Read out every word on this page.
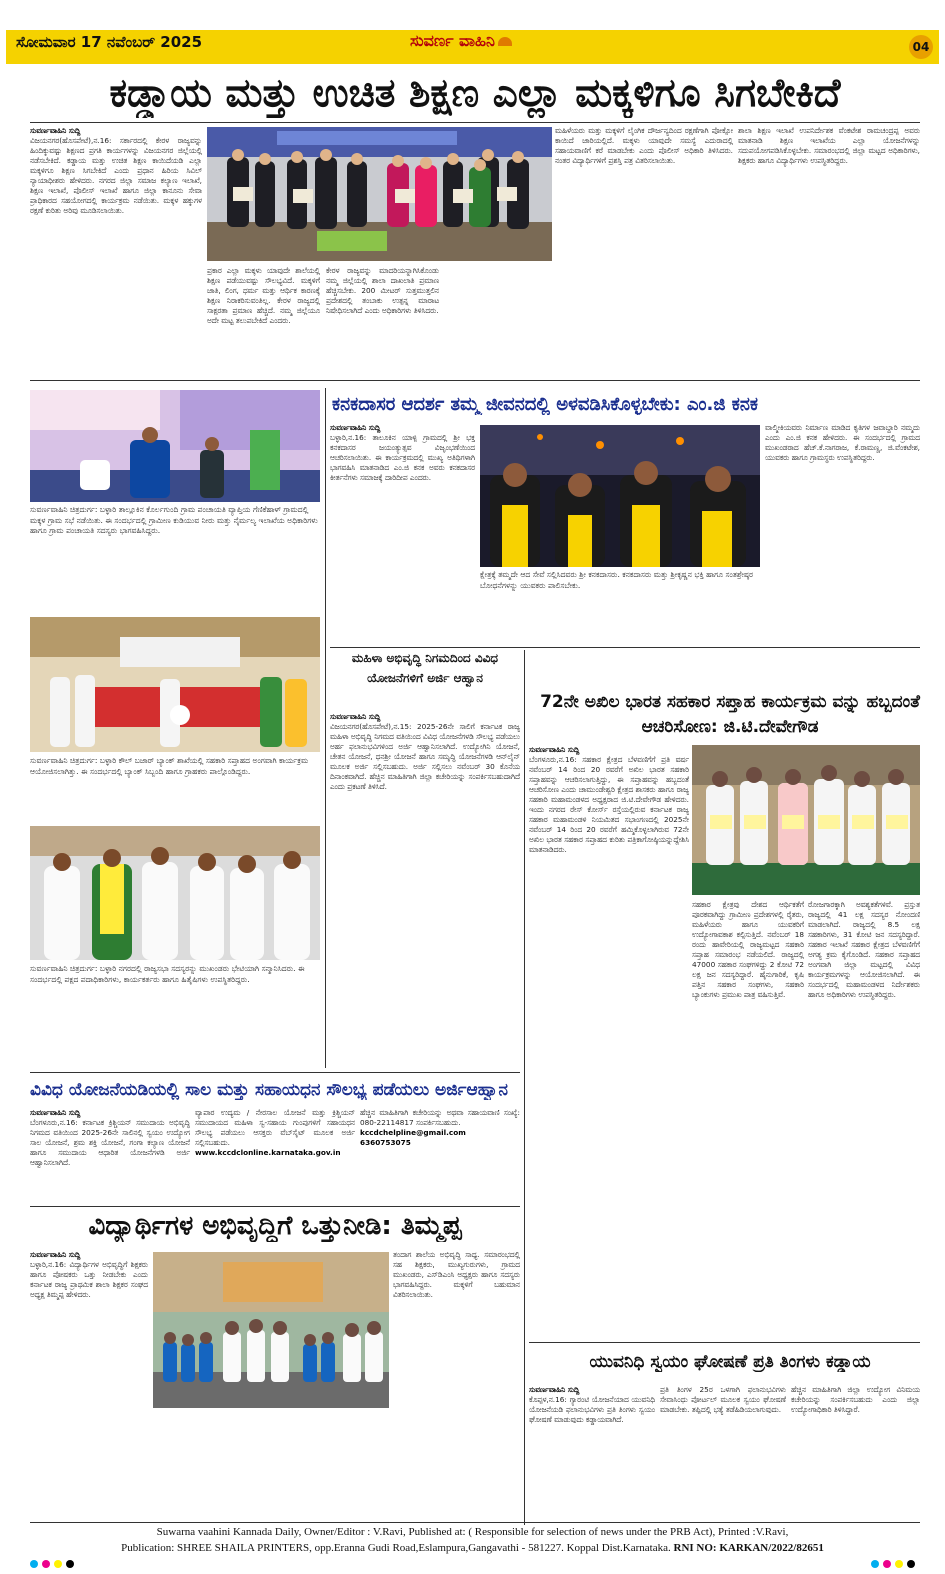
ಸೋಮವಾರ 17 ನವೆಂಬರ್ 2025	ಸುವರ್ಣ ವಾಹಿನಿ	04
ಕಡ್ಡಾಯ ಮತ್ತು ಉಚಿತ ಶಿಕ್ಷಣ ಎಲ್ಲಾ ಮಕ್ಕಳಿಗೂ ಸಿಗಬೇಕಿದೆ
ಸುವರ್ಣವಾಹಿನಿ ಸುದ್ದಿ
ವಿಜಯನಗರ(ಹೊಸಪೇಟೆ),ನ.16: ಸರ್ಕಾರದಲ್ಲಿ ಕೇರಳ ರಾಜ್ಯವನ್ನು ಹಿಂದಿಕ್ಕುವಷ್ಟು ಶಿಕ್ಷಣದ ಪ್ರಗತಿ ಕಾರ್ಯಗಳನ್ನು ವಿಜಯನಗರ ಜಿಲ್ಲೆಯಲ್ಲಿ ನಡೆಸಬೇಕಿದೆ. ಕಡ್ಡಾಯ ಮತ್ತು ಉಚಿತ ಶಿಕ್ಷಣ ಕಾಯಿದೆಯಡಿ ಎಲ್ಲಾ ಮಕ್ಕಳಿಗೂ ಶಿಕ್ಷಣ ಸಿಗಬೇಕಿದೆ ಎಂದು ಪ್ರಧಾನ ಹಿರಿಯ ಸಿವಿಲ್ ನ್ಯಾಯಾಧೀಶರು ಹೇಳಿದರು. ನಗರದ ಜಿಲ್ಲಾ ಸಮಾಜ ಕಲ್ಯಾಣ ಇಲಾಖೆ, ಶಿಕ್ಷಣ ಇಲಾಖೆ, ಪೊಲೀಸ್ ಇಲಾಖೆ ಹಾಗೂ ಜಿಲ್ಲಾ ಕಾನೂನು ಸೇವಾ ಪ್ರಾಧಿಕಾರದ ಸಹಯೋಗದಲ್ಲಿ ಕಾರ್ಯಕ್ರಮ ನಡೆಯಿತು. ಮಕ್ಕಳ ಹಕ್ಕುಗಳ ರಕ್ಷಣೆ ಕುರಿತು ಅರಿವು ಮೂಡಿಸಲಾಯಿತು.
ಪ್ರಕಾರ ಎಲ್ಲಾ ಮಕ್ಕಳು ಯಾವುದೇ ಶಾಲೆಯಲ್ಲಿ ಶಿಕ್ಷಣ ಪಡೆಯುವಷ್ಟು ಸೌಲಭ್ಯವಿದೆ. ಮಕ್ಕಳಿಗೆ ಜಾತಿ, ಲಿಂಗ, ಧರ್ಮ ಮತ್ತು ಆರ್ಥಿಕ ಕಾರಣಕ್ಕೆ ಶಿಕ್ಷಣ ನಿರಾಕರಿಸುವಂತಿಲ್ಲ. ಕೇರಳ ರಾಜ್ಯದಲ್ಲಿ ಸಾಕ್ಷರತಾ ಪ್ರಮಾಣ ಹೆಚ್ಚಿದೆ. ನಮ್ಮ ಜಿಲ್ಲೆಯೂ ಅದೇ ಮಟ್ಟ ತಲುಪಬೇಕಿದೆ ಎಂದರು.
ಕೇರಳ ರಾಜ್ಯವನ್ನು ಮಾದರಿಯನ್ನಾಗಿಸಿಕೊಂಡು ನಮ್ಮ ಜಿಲ್ಲೆಯಲ್ಲಿ ಶಾಲಾ ದಾಖಲಾತಿ ಪ್ರಮಾಣ ಹೆಚ್ಚಿಸಬೇಕು. 200 ಮೀಟರ್ ಸುತ್ತಮುತ್ತಲಿನ ಪ್ರದೇಶದಲ್ಲಿ ತಂಬಾಕು ಉತ್ಪನ್ನ ಮಾರಾಟ ನಿಷೇಧಿಸಲಾಗಿದೆ ಎಂದು ಅಧಿಕಾರಿಗಳು ತಿಳಿಸಿದರು.
ಮಹಿಳೆಯರು ಮತ್ತು ಮಕ್ಕಳಿಗೆ ಲೈಂಗಿಕ ದೌರ್ಜನ್ಯದಿಂದ ರಕ್ಷಣೆಗಾಗಿ ಪೋಕ್ಸೋ ಕಾಯಿದೆ ಜಾರಿಯಲ್ಲಿದೆ. ಮಕ್ಕಳು ಯಾವುದೇ ಸಮಸ್ಯೆ ಎದುರಾದಲ್ಲಿ ಸಹಾಯವಾಣಿಗೆ ಕರೆ ಮಾಡಬೇಕು ಎಂದು ಪೊಲೀಸ್ ಅಧಿಕಾರಿ ತಿಳಿಸಿದರು. ನಂತರ ವಿದ್ಯಾರ್ಥಿಗಳಿಗೆ ಪ್ರಶಸ್ತಿ ಪತ್ರ ವಿತರಿಸಲಾಯಿತು.
ಶಾಲಾ ಶಿಕ್ಷಣ ಇಲಾಖೆ ಉಪನಿರ್ದೇಶಕ ವೆಂಕಟೇಶ ರಾಮಚಂದ್ರಪ್ಪ ಅವರು ಮಾತನಾಡಿ ಶಿಕ್ಷಣ ಇಲಾಖೆಯ ಎಲ್ಲಾ ಯೋಜನೆಗಳನ್ನು ಸದುಪಯೋಗಪಡಿಸಿಕೊಳ್ಳಬೇಕು. ಸಮಾರಂಭದಲ್ಲಿ ಜಿಲ್ಲಾ ಮಟ್ಟದ ಅಧಿಕಾರಿಗಳು, ಶಿಕ್ಷಕರು ಹಾಗೂ ವಿದ್ಯಾರ್ಥಿಗಳು ಉಪಸ್ಥಿತರಿದ್ದರು.
ಸುವರ್ಣವಾಹಿನಿ ಚಿತ್ರದುರ್ಗ: ಬಳ್ಳಾರಿ ತಾಲ್ಲೂಕಿನ ಕೊರ್ಲಗುಂದಿ ಗ್ರಾಮ ಪಂಚಾಯತಿ ವ್ಯಾಪ್ತಿಯ ಗೆಣಿಕೆಹಾಳ್ ಗ್ರಾಮದಲ್ಲಿ ಮಕ್ಕಳ ಗ್ರಾಮ ಸಭೆ ನಡೆಯಿತು. ಈ ಸಂದರ್ಭದಲ್ಲಿ ಗ್ರಾಮೀಣ ಕುಡಿಯುವ ನೀರು ಮತ್ತು ನೈರ್ಮಲ್ಯ ಇಲಾಖೆಯ ಅಧಿಕಾರಿಗಳು ಹಾಗೂ ಗ್ರಾಮ ಪಂಚಾಯತಿ ಸದಸ್ಯರು ಭಾಗವಹಿಸಿದ್ದರು.
ಸುವರ್ಣವಾಹಿನಿ ಚಿತ್ರದುರ್ಗ: ಬಳ್ಳಾರಿ ಕೌಲ್ ಬಜಾರ್ ಬ್ಯಾಂಕ್ ಶಾಖೆಯಲ್ಲಿ ಸಹಕಾರಿ ಸಪ್ತಾಹದ ಅಂಗವಾಗಿ ಕಾರ್ಯಕ್ರಮ ಆಯೋಜಿಸಲಾಗಿತ್ತು. ಈ ಸಂದರ್ಭದಲ್ಲಿ ಬ್ಯಾಂಕ್ ಸಿಬ್ಬಂದಿ ಹಾಗೂ ಗ್ರಾಹಕರು ಪಾಲ್ಗೊಂಡಿದ್ದರು.
ಸುವರ್ಣವಾಹಿನಿ ಚಿತ್ರದುರ್ಗ: ಬಳ್ಳಾರಿ ನಗರದಲ್ಲಿ ರಾಜ್ಯಸಭಾ ಸದಸ್ಯರನ್ನು ಮುಖಂಡರು ಭೇಟಿಯಾಗಿ ಸನ್ಮಾನಿಸಿದರು. ಈ ಸಂದರ್ಭದಲ್ಲಿ ಪಕ್ಷದ ಪದಾಧಿಕಾರಿಗಳು, ಕಾರ್ಯಕರ್ತರು ಹಾಗೂ ಹಿತೈಷಿಗಳು ಉಪಸ್ಥಿತರಿದ್ದರು.
ಕನಕದಾಸರ ಆದರ್ಶ ತಮ್ಮ ಜೀವನದಲ್ಲಿ ಅಳವಡಿಸಿಕೊಳ್ಳಬೇಕು: ಎಂ.ಜಿ ಕನಕ
ಸುವರ್ಣವಾಹಿನಿ ಸುದ್ದಿ
ಬಳ್ಳಾರಿ,ನ.16: ತಾಲೂಕಿನ ಯಾಳ್ಪಿ ಗ್ರಾಮದಲ್ಲಿ ಶ್ರೀ ಭಕ್ತ ಕನಕದಾಸರ ಜಯಂತ್ಯುತ್ಸವ ವಿಜೃಂಭಣೆಯಿಂದ ಆಚರಿಸಲಾಯಿತು. ಈ ಕಾರ್ಯಕ್ರಮದಲ್ಲಿ ಮುಖ್ಯ ಅತಿಥಿಗಳಾಗಿ ಭಾಗವಹಿಸಿ ಮಾತನಾಡಿದ ಎಂ.ಜಿ ಕನಕ ಅವರು ಕನಕದಾಸರ ಕೀರ್ತನೆಗಳು ಸಮಾಜಕ್ಕೆ ದಾರಿದೀಪ ಎಂದರು.
ಕ್ಷೇತ್ರಕ್ಕೆ ತಮ್ಮದೇ ಆದ ಸೇವೆ ಸಲ್ಲಿಸಿದವರು ಶ್ರೀ ಕನಕದಾಸರು. ಕನಕದಾಸರು ಮತ್ತು ಶ್ರೀಕೃಷ್ಣನ ಭಕ್ತಿ ಹಾಗೂ ಸಂತಶ್ರೇಷ್ಠರ ಬೋಧನೆಗಳನ್ನು ಯುವಕರು ಪಾಲಿಸಬೇಕು.
ವಾಲ್ಮೀಕಿಯವರು ನಿರ್ಮಾಣ ಮಾಡಿದ ಕೃತಿಗಳ ಜವಾಬ್ದಾರಿ ನಮ್ಮದು ಎಂದು ಎಂ.ಜಿ ಕನಕ ಹೇಳಿದರು. ಈ ಸಂದರ್ಭದಲ್ಲಿ ಗ್ರಾಮದ ಮುಖಂಡರಾದ ಹೆಚ್.ಕೆ.ನಾಗರಾಜ, ಕೆ.ರಾಮಣ್ಣ, ಜಿ.ವೆಂಕಟೇಶ, ಯುವಕರು ಹಾಗೂ ಗ್ರಾಮಸ್ಥರು ಉಪಸ್ಥಿತರಿದ್ದರು.
ಮಹಿಳಾ ಅಭಿವೃದ್ಧಿ ನಿಗಮದಿಂದ ವಿವಿಧ ಯೋಜನೆಗಳಿಗೆ ಅರ್ಜಿ ಆಹ್ವಾನ
ಸುವರ್ಣವಾಹಿನಿ ಸುದ್ದಿ
ವಿಜಯನಗರ(ಹೊಸಪೇಟೆ),ನ.15: 2025-26ನೇ ಸಾಲಿಗೆ ಕರ್ನಾಟಕ ರಾಜ್ಯ ಮಹಿಳಾ ಅಭಿವೃದ್ಧಿ ನಿಗಮದ ವತಿಯಿಂದ ವಿವಿಧ ಯೋಜನೆಗಳಡಿ ಸೌಲಭ್ಯ ಪಡೆಯಲು ಅರ್ಹ ಫಲಾನುಭವಿಗಳಿಂದ ಅರ್ಜಿ ಆಹ್ವಾನಿಸಲಾಗಿದೆ. ಉದ್ಯೋಗಿನಿ ಯೋಜನೆ, ಚೇತನ ಯೋಜನೆ, ಧನಶ್ರೀ ಯೋಜನೆ ಹಾಗೂ ಸಮೃದ್ಧಿ ಯೋಜನೆಗಳಡಿ ಆನ್‌ಲೈನ್ ಮೂಲಕ ಅರ್ಜಿ ಸಲ್ಲಿಸಬಹುದು. ಅರ್ಜಿ ಸಲ್ಲಿಸಲು ನವೆಂಬರ್ 30 ಕೊನೆಯ ದಿನಾಂಕವಾಗಿದೆ. ಹೆಚ್ಚಿನ ಮಾಹಿತಿಗಾಗಿ ಜಿಲ್ಲಾ ಕಚೇರಿಯನ್ನು ಸಂಪರ್ಕಿಸಬಹುದಾಗಿದೆ ಎಂದು ಪ್ರಕಟಣೆ ತಿಳಿಸಿದೆ.
72ನೇ ಅಖಿಲ ಭಾರತ ಸಹಕಾರ ಸಪ್ತಾಹ ಕಾರ್ಯಕ್ರಮ ವನ್ನು ಹಬ್ಬದಂತೆ ಆಚರಿಸೋಣ: ಜಿ.ಟಿ.ದೇವೇಗೌಡ
ಸುವರ್ಣವಾಹಿನಿ ಸುದ್ದಿ
ಬೆಂಗಳೂರು,ನ.16: ಸಹಕಾರ ಕ್ಷೇತ್ರದ ಬೆಳವಣಿಗೆಗೆ ಪ್ರತಿ ವರ್ಷ ನವೆಂಬರ್ 14 ರಿಂದ 20 ರವರೆಗೆ ಅಖಿಲ ಭಾರತ ಸಹಕಾರಿ ಸಪ್ತಾಹವನ್ನು ಆಚರಿಸಲಾಗುತ್ತಿದ್ದು, ಈ ಸಪ್ತಾಹವನ್ನು ಹಬ್ಬದಂತೆ ಆಚರಿಸೋಣ ಎಂದು ಚಾಮುಂಡೇಶ್ವರಿ ಕ್ಷೇತ್ರದ ಶಾಸಕರು ಹಾಗೂ ರಾಜ್ಯ ಸಹಕಾರಿ ಮಹಾಮಂಡಳದ ಅಧ್ಯಕ್ಷರಾದ ಜಿ.ಟಿ.ದೇವೇಗೌಡ ಹೇಳಿದರು. ಇಂದು ನಗರದ ರೇಸ್ ಕೋರ್ಸ್ ರಸ್ತೆಯಲ್ಲಿರುವ ಕರ್ನಾಟಕ ರಾಜ್ಯ ಸಹಕಾರ ಮಹಾಮಂಡಳಿ ನಿಯಮಿತದ ಸಭಾಂಗಣದಲ್ಲಿ 2025ನೇ ನವೆಂಬರ್ 14 ರಿಂದ 20 ರವರೆಗೆ ಹಮ್ಮಿಕೊಳ್ಳಲಾಗಿರುವ 72ನೇ ಅಖಿಲ ಭಾರತ ಸಹಕಾರ ಸಪ್ತಾಹದ ಕುರಿತು ಪತ್ರಿಕಾಗೋಷ್ಠಿಯನ್ನುದ್ದೇಶಿಸಿ ಮಾತನಾಡಿದರು.
ಸಹಕಾರ ಕ್ಷೇತ್ರವು ದೇಶದ ಆರ್ಥಿಕತೆಗೆ ಪೂರಕವಾಗಿದ್ದು ಗ್ರಾಮೀಣ ಪ್ರದೇಶಗಳಲ್ಲಿ ರೈತರು, ಮಹಿಳೆಯರು ಹಾಗೂ ಯುವಕರಿಗೆ ಉದ್ಯೋಗಾವಕಾಶ ಕಲ್ಪಿಸುತ್ತಿದೆ. ನವೆಂಬರ್ 18 ರಂದು ಹಾವೇರಿಯಲ್ಲಿ ರಾಜ್ಯಮಟ್ಟದ ಸಹಕಾರಿ ಸಪ್ತಾಹ ಸಮಾರಂಭ ನಡೆಯಲಿದೆ. ರಾಜ್ಯದಲ್ಲಿ 47000 ಸಹಕಾರ ಸಂಘಗಳಿದ್ದು 2 ಕೋಟಿ 72 ಲಕ್ಷ ಜನ ಸದಸ್ಯರಿದ್ದಾರೆ. ಹೈನುಗಾರಿಕೆ, ಕೃಷಿ ಪತ್ತಿನ ಸಹಕಾರ ಸಂಘಗಳು, ಸಹಕಾರಿ ಬ್ಯಾಂಕುಗಳು ಪ್ರಮುಖ ಪಾತ್ರ ವಹಿಸುತ್ತಿವೆ.
ರೋಜಗಾರಕ್ಕಾಗಿ ಅವಶ್ಯಕತೆಗಳಿವೆ. ಪ್ರಸ್ತುತ ರಾಜ್ಯದಲ್ಲಿ 41 ಲಕ್ಷ ಸದಸ್ಯರ ನೋಂದಣಿ ಮಾಡಲಾಗಿದೆ. ರಾಜ್ಯದಲ್ಲಿ 8.5 ಲಕ್ಷ ಸಹಕಾರಿಗಳು, 31 ಕೋಟಿ ಜನ ಸದಸ್ಯರಿದ್ದಾರೆ. ಸಹಕಾರ ಇಲಾಖೆ ಸಹಕಾರ ಕ್ಷೇತ್ರದ ಬೆಳವಣಿಗೆಗೆ ಅಗತ್ಯ ಕ್ರಮ ಕೈಗೊಂಡಿದೆ. ಸಹಕಾರ ಸಪ್ತಾಹದ ಅಂಗವಾಗಿ ಜಿಲ್ಲಾ ಮಟ್ಟದಲ್ಲಿ ವಿವಿಧ ಕಾರ್ಯಕ್ರಮಗಳನ್ನು ಆಯೋಜಿಸಲಾಗಿದೆ. ಈ ಸಂದರ್ಭದಲ್ಲಿ ಮಹಾಮಂಡಳದ ನಿರ್ದೇಶಕರು ಹಾಗೂ ಅಧಿಕಾರಿಗಳು ಉಪಸ್ಥಿತರಿದ್ದರು.
ವಿವಿಧ ಯೋಜನೆಯಡಿಯಲ್ಲಿ ಸಾಲ ಮತ್ತು ಸಹಾಯಧನ ಸೌಲಭ್ಯ ಪಡೆಯಲು ಅರ್ಜಿಆಹ್ವಾನ
ಸುವರ್ಣವಾಹಿನಿ ಸುದ್ದಿ
ಬೆಂಗಳೂರು,ನ.16: ಕರ್ನಾಟಕ ಕ್ರಿಶ್ಚಿಯನ್ ಸಮುದಾಯ ಅಭಿವೃದ್ಧಿ ನಿಗಮದ ವತಿಯಿಂದ 2025-26ನೇ ಸಾಲಿನಲ್ಲಿ ಸ್ವಯಂ ಉದ್ಯೋಗ ಸಾಲ ಯೋಜನೆ, ಶ್ರಮ ಶಕ್ತಿ ಯೋಜನೆ, ಗಂಗಾ ಕಲ್ಯಾಣ ಯೋಜನೆ ಹಾಗೂ ಸಮುದಾಯ ಆಧಾರಿತ ಯೋಜನೆಗಳಡಿ ಅರ್ಜಿ ಆಹ್ವಾನಿಸಲಾಗಿದೆ.
ವ್ಯಾಪಾರ ಉದ್ಯಮ / ನೇರಸಾಲ ಯೋಜನೆ ಮತ್ತು ಕ್ರಿಶ್ಚಿಯನ್ ಸಮುದಾಯದ ಮಹಿಳಾ ಸ್ವ-ಸಹಾಯ ಗುಂಪುಗಳಿಗೆ ಸಹಾಯಧನ ಸೌಲಭ್ಯ ಪಡೆಯಲು ಆಸಕ್ತರು ವೆಬ್‌ಸೈಟ್ ಮೂಲಕ ಅರ್ಜಿ ಸಲ್ಲಿಸಬಹುದು.
www.kccdclonline.karnataka.gov.in
ಹೆಚ್ಚಿನ ಮಾಹಿತಿಗಾಗಿ ಕಚೇರಿಯನ್ನು ಅಥವಾ ಸಹಾಯವಾಣಿ ಸಂಖ್ಯೆ: 080-22114817 ಸಂಪರ್ಕಿಸಬಹುದು.
kccdchelpline@gmail.com
6360753075
ವಿದ್ಯಾರ್ಥಿಗಳ ಅಭಿವೃದ್ಧಿಗೆ ಒತ್ತುನೀಡಿ: ತಿಮ್ಮಪ್ಪ
ಸುವರ್ಣವಾಹಿನಿ ಸುದ್ದಿ
ಬಳ್ಳಾರಿ,ನ.16: ವಿದ್ಯಾರ್ಥಿಗಳ ಅಭಿವೃದ್ಧಿಗೆ ಶಿಕ್ಷಕರು ಹಾಗೂ ಪೋಷಕರು ಒತ್ತು ನೀಡಬೇಕು ಎಂದು ಕರ್ನಾಟಕ ರಾಜ್ಯ ಪ್ರಾಥಮಿಕ ಶಾಲಾ ಶಿಕ್ಷಕರ ಸಂಘದ ಅಧ್ಯಕ್ಷ ತಿಮ್ಮಪ್ಪ ಹೇಳಿದರು.
ತಂದಾಗ ಶಾಲೆಯ ಅಭಿವೃದ್ಧಿ ಸಾಧ್ಯ. ಸಮಾರಂಭದಲ್ಲಿ ಸಹ ಶಿಕ್ಷಕರು, ಮುಖ್ಯಗುರುಗಳು, ಗ್ರಾಮದ ಮುಖಂಡರು, ಎಸ್‌ಡಿಎಂಸಿ ಅಧ್ಯಕ್ಷರು ಹಾಗೂ ಸದಸ್ಯರು ಭಾಗವಹಿಸಿದ್ದರು. ಮಕ್ಕಳಿಗೆ ಬಹುಮಾನ ವಿತರಿಸಲಾಯಿತು.
ಯುವನಿಧಿ ಸ್ವಯಂ ಘೋಷಣೆ ಪ್ರತಿ ತಿಂಗಳು ಕಡ್ಡಾಯ
ಸುವರ್ಣವಾಹಿನಿ ಸುದ್ದಿ
ಕೊಪ್ಪಳ,ನ.16: ಗ್ಯಾರಂಟಿ ಯೋಜನೆಯಾದ ಯುವನಿಧಿ ಯೋಜನೆಯಡಿ ಫಲಾನುಭವಿಗಳು ಪ್ರತಿ ತಿಂಗಳು ಸ್ವಯಂ ಘೋಷಣೆ ಮಾಡುವುದು ಕಡ್ಡಾಯವಾಗಿದೆ.
ಪ್ರತಿ ತಿಂಗಳ 25ರ ಒಳಗಾಗಿ ಫಲಾನುಭವಿಗಳು ಸೇವಾಸಿಂಧು ಪೋರ್ಟಲ್ ಮೂಲಕ ಸ್ವಯಂ ಘೋಷಣೆ ಮಾಡಬೇಕು. ತಪ್ಪಿದಲ್ಲಿ ಭತ್ಯೆ ತಡೆಹಿಡಿಯಲಾಗುವುದು.
ಹೆಚ್ಚಿನ ಮಾಹಿತಿಗಾಗಿ ಜಿಲ್ಲಾ ಉದ್ಯೋಗ ವಿನಿಮಯ ಕಚೇರಿಯನ್ನು ಸಂಪರ್ಕಿಸಬಹುದು ಎಂದು ಜಿಲ್ಲಾ ಉದ್ಯೋಗಾಧಿಕಾರಿ ತಿಳಿಸಿದ್ದಾರೆ.
Suwarna vaahini Kannada Daily, Owner/Editor : V.Ravi, Published at: ( Responsible for selection of news under the PRB Act), Printed :V.Ravi,
Publication: SHREE SHAILA PRINTERS, opp.Eranna Gudi Road,Eslampura,Gangavathi - 581227. Koppal Dist.Karnataka. RNI NO: KARKAN/2022/82651
